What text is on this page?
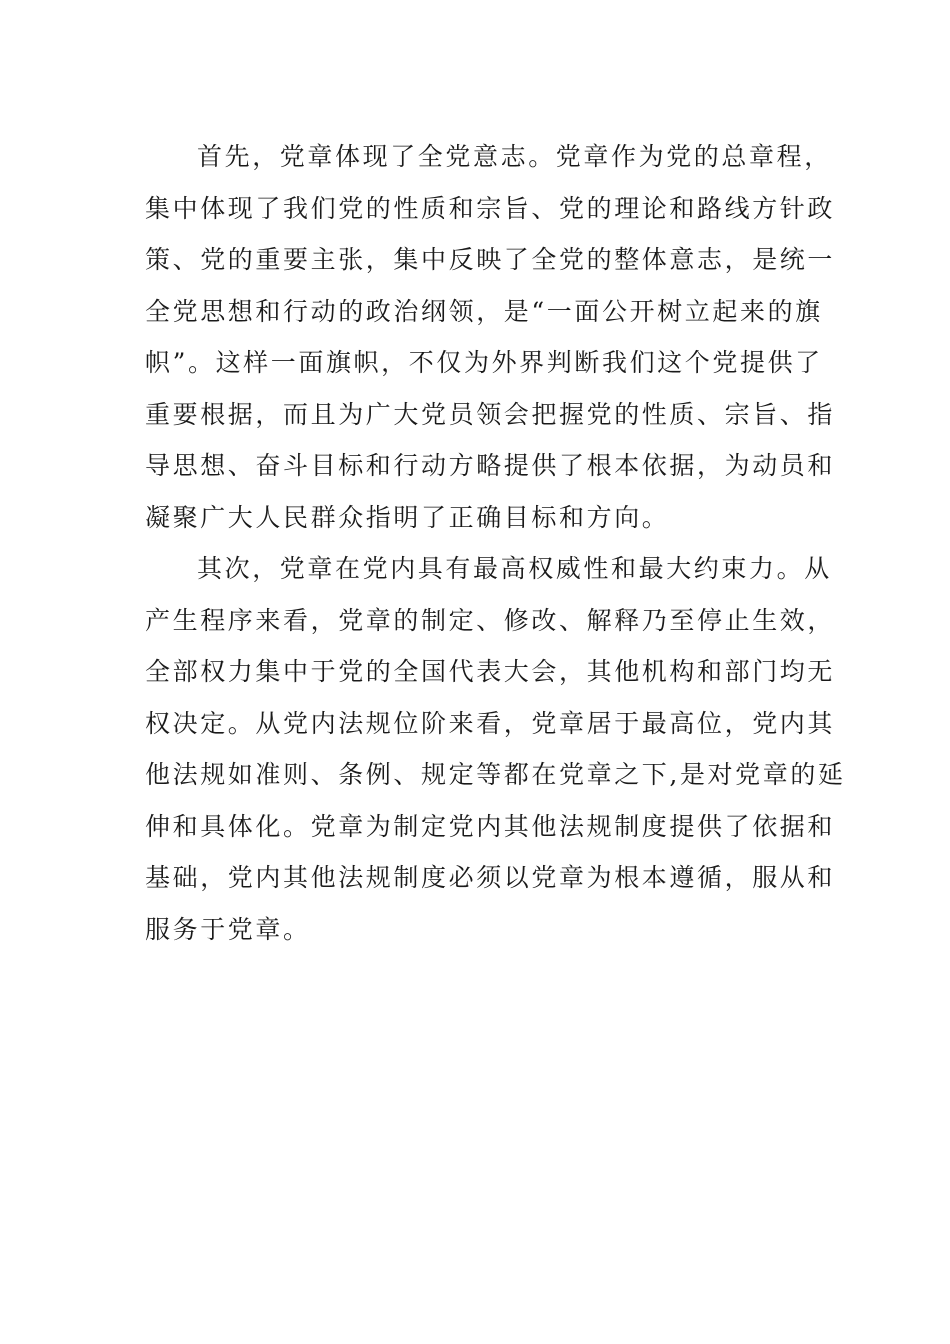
首先，党章体现了全党意志。党章作为党的总章程，
集中体现了我们党的性质和宗旨、党的理论和路线方针政
策、党的重要主张，集中反映了全党的整体意志，是统一
全党思想和行动的政治纲领，是“一面公开树立起来的旗
帜”。这样一面旗帜，不仅为外界判断我们这个党提供了
重要根据，而且为广大党员领会把握党的性质、宗旨、指
导思想、奋斗目标和行动方略提供了根本依据，为动员和
凝聚广大人民群众指明了正确目标和方向。
其次，党章在党内具有最高权威性和最大约束力。从
产生程序来看，党章的制定、修改、解释乃至停止生效，
全部权力集中于党的全国代表大会，其他机构和部门均无
权决定。从党内法规位阶来看，党章居于最高位，党内其
他法规如准则、条例、规定等都在党章之下,是对党章的延
伸和具体化。党章为制定党内其他法规制度提供了依据和
基础，党内其他法规制度必须以党章为根本遵循，服从和
服务于党章。
